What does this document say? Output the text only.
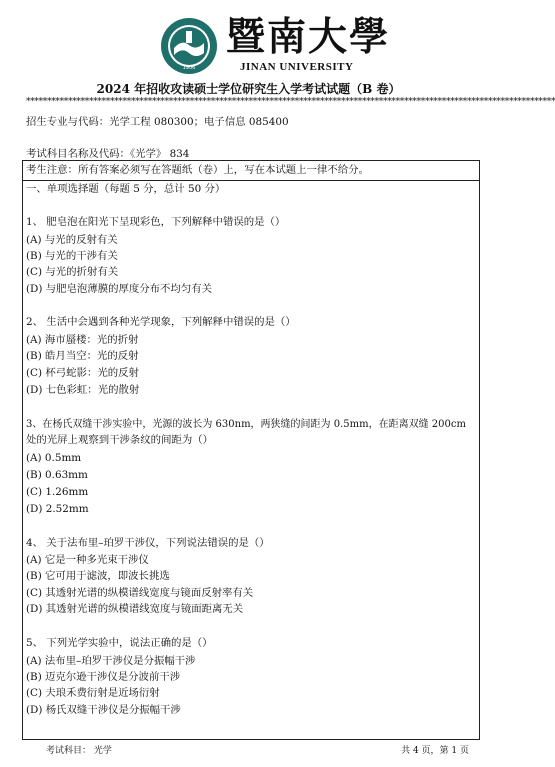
1906
暨南大學
JINAN UNIVERSITY
2024 年招收攻读硕士学位研究生入学考试试题（B 卷）
******************************************************************************************************************************
招生专业与代码：光学工程 080300；电子信息 085400
考试科目名称及代码：《光学》 834
考生注意：所有答案必须写在答题纸（卷）上，写在本试题上一律不给分。
一、单项选择题（每题 5 分，总计 50 分）
1、 肥皂泡在阳光下呈现彩色，下列解释中错误的是（）
(A) 与光的反射有关
(B) 与光的干涉有关
(C) 与光的折射有关
(D) 与肥皂泡薄膜的厚度分布不均匀有关
2、 生活中会遇到各种光学现象，下列解释中错误的是（）
(A) 海市蜃楼：光的折射
(B) 皓月当空：光的反射
(C) 杯弓蛇影：光的反射
(D) 七色彩虹：光的散射
3、在杨氏双缝干涉实验中，光源的波长为 630nm，两狭缝的间距为 0.5mm，在距离双缝 200cm
处的光屏上观察到干涉条纹的间距为（）
(A) 0.5mm
(B) 0.63mm
(C) 1.26mm
(D) 2.52mm
4、 关于法布里–珀罗干涉仪，下列说法错误的是（）
(A) 它是一种多光束干涉仪
(B) 它可用于滤波，即波长挑选
(C) 其透射光谱的纵模谱线宽度与镜面反射率有关
(D) 其透射光谱的纵模谱线宽度与镜面距离无关
5、 下列光学实验中，说法正确的是（）
(A) 法布里–珀罗干涉仪是分振幅干涉
(B) 迈克尔逊干涉仪是分波前干涉
(C) 夫琅禾费衍射是近场衍射
(D) 杨氏双缝干涉仪是分振幅干涉
考试科目： 光学	共 4 页，第 1 页
